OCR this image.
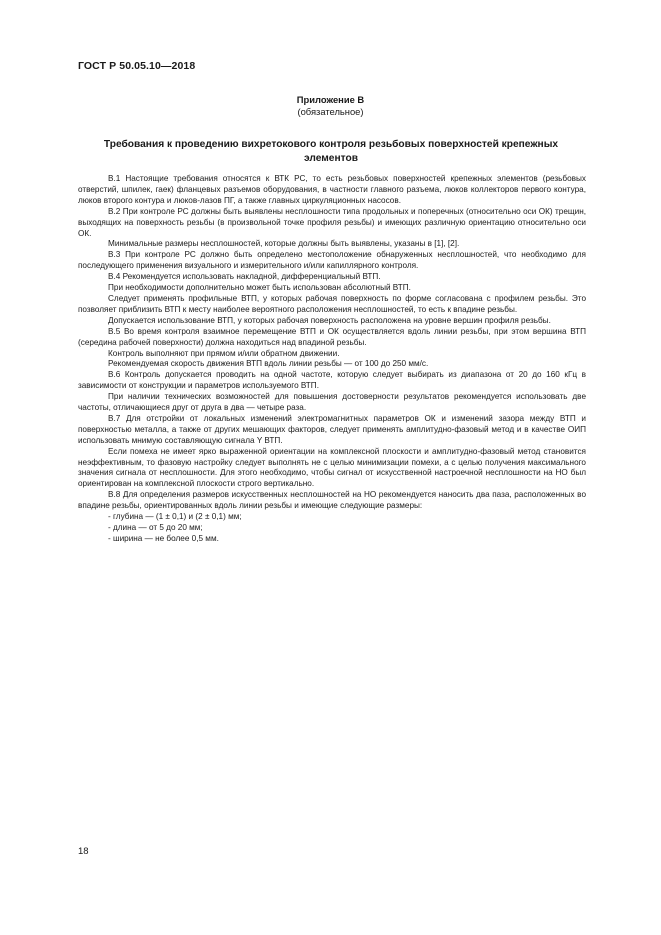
ГОСТ Р 50.05.10—2018
Приложение В
(обязательное)
Требования к проведению вихретокового контроля резьбовых поверхностей крепежных элементов

В.1 Настоящие требования относятся к ВТК РС, то есть резьбовых поверхностей крепежных элементов (резьбовых отверстий, шпилек, гаек) фланцевых разъемов оборудования, в частности главного разъема, люков коллекторов первого контура, люков второго контура и люков-лазов ПГ, а также главных циркуляционных насосов.

В.2 При контроле РС должны быть выявлены несплошности типа продольных и поперечных (относительно оси ОК) трещин, выходящих на поверхность резьбы (в произвольной точке профиля резьбы) и имеющих различную ориентацию относительно оси ОК.

Минимальные размеры несплошностей, которые должны быть выявлены, указаны в [1], [2].

В.3 При контроле РС должно быть определено местоположение обнаруженных несплошностей, что необходимо для последующего применения визуального и измерительного и/или капиллярного контроля.

В.4 Рекомендуется использовать накладной, дифференциальный ВТП.

При необходимости дополнительно может быть использован абсолютный ВТП.

Следует применять профильные ВТП, у которых рабочая поверхность по форме согласована с профилем резьбы. Это позволяет приблизить ВТП к месту наиболее вероятного расположения несплошностей, то есть к впадине резьбы.

Допускается использование ВТП, у которых рабочая поверхность расположена на уровне вершин профиля резьбы.

В.5 Во время контроля взаимное перемещение ВТП и ОК осуществляется вдоль линии резьбы, при этом вершина ВТП (середина рабочей поверхности) должна находиться над впадиной резьбы.

Контроль выполняют при прямом и/или обратном движении.

Рекомендуемая скорость движения ВТП вдоль линии резьбы — от 100 до 250 мм/с.

В.6 Контроль допускается проводить на одной частоте, которую следует выбирать из диапазона от 20 до 160 кГц в зависимости от конструкции и параметров используемого ВТП.

При наличии технических возможностей для повышения достоверности результатов рекомендуется использовать две частоты, отличающиеся друг от друга в два — четыре раза.

В.7 Для отстройки от локальных изменений электромагнитных параметров ОК и изменений зазора между ВТП и поверхностью металла, а также от других мешающих факторов, следует применять амплитудно-фазовый метод и в качестве ОИП использовать мнимую составляющую сигнала Y ВТП.

Если помеха не имеет ярко выраженной ориентации на комплексной плоскости и амплитудно-фазовый метод становится неэффективным, то фазовую настройку следует выполнять не с целью минимизации помехи, а с целью получения максимального значения сигнала от несплошности. Для этого необходимо, чтобы сигнал от искусственной настроечной несплошности на НО был ориентирован на комплексной плоскости строго вертикально.

В.8 Для определения размеров искусственных несплошностей на НО рекомендуется наносить два паза, расположенных во впадине резьбы, ориентированных вдоль линии резьбы и имеющие следующие размеры:

- глубина — (1 ± 0,1) и (2 ± 0,1) мм;

- длина — от 5 до 20 мм;

- ширина — не более 0,5 мм.

18
